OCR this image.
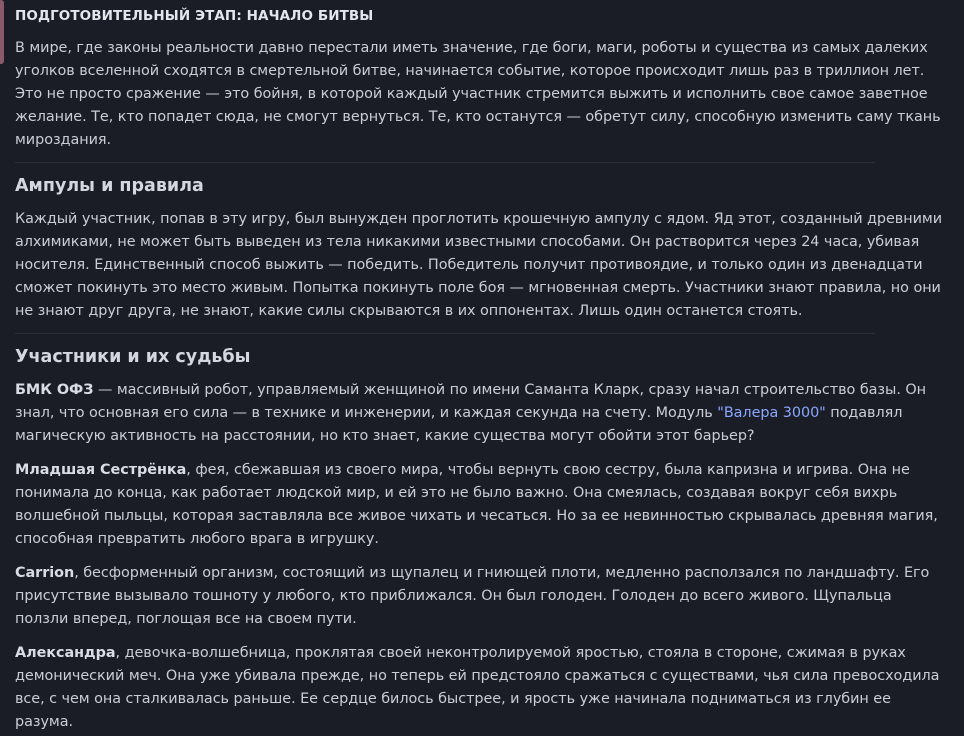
ПОДГОТОВИТЕЛЬНЫЙ ЭТАП: НАЧАЛО БИТВЫ

В мире, где законы реальности давно перестали иметь значение, где боги, маги, роботы и существа из самых далеких уголков вселенной сходятся в смертельной битве, начинается событие, которое происходит лишь раз в триллион лет. Это не просто сражение — это бойня, в которой каждый участник стремится выжить и исполнить свое самое заветное желание. Те, кто попадет сюда, не смогут вернуться. Те, кто останутся — обретут силу, способную изменить саму ткань мироздания.

Ампулы и правила

Каждый участник, попав в эту игру, был вынужден проглотить крошечную ампулу с ядом. Яд этот, созданный древними алхимиками, не может быть выведен из тела никакими известными способами. Он растворится через 24 часа, убивая носителя. Единственный способ выжить — победить. Победитель получит противоядие, и только один из двенадцати сможет покинуть это место живым. Попытка покинуть поле боя — мгновенная смерть. Участники знают правила, но они не знают друг друга, не знают, какие силы скрываются в их оппонентах. Лишь один останется стоять.

Участники и их судьбы

БМК ОФЗ — массивный робот, управляемый женщиной по имени Саманта Кларк, сразу начал строительство базы. Он знал, что основная его сила — в технике и инженерии, и каждая секунда на счету. Модуль "Валера 3000" подавлял магическую активность на расстоянии, но кто знает, какие существа могут обойти этот барьер?

Младшая Сестрёнка, фея, сбежавшая из своего мира, чтобы вернуть свою сестру, была капризна и игрива. Она не понимала до конца, как работает людской мир, и ей это не было важно. Она смеялась, создавая вокруг себя вихрь волшебной пыльцы, которая заставляла все живое чихать и чесаться. Но за ее невинностью скрывалась древняя магия, способная превратить любого врага в игрушку.

Carrion, бесформенный организм, состоящий из щупалец и гниющей плоти, медленно расползался по ландшафту. Его присутствие вызывало тошноту у любого, кто приближался. Он был голоден. Голоден до всего живого. Щупальца ползли вперед, поглощая все на своем пути.

Александра, девочка-волшебница, проклятая своей неконтролируемой яростью, стояла в стороне, сжимая в руках демонический меч. Она уже убивала прежде, но теперь ей предстояло сражаться с существами, чья сила превосходила все, с чем она сталкивалась раньше. Ее сердце билось быстрее, и ярость уже начинала подниматься из глубин ее разума.
